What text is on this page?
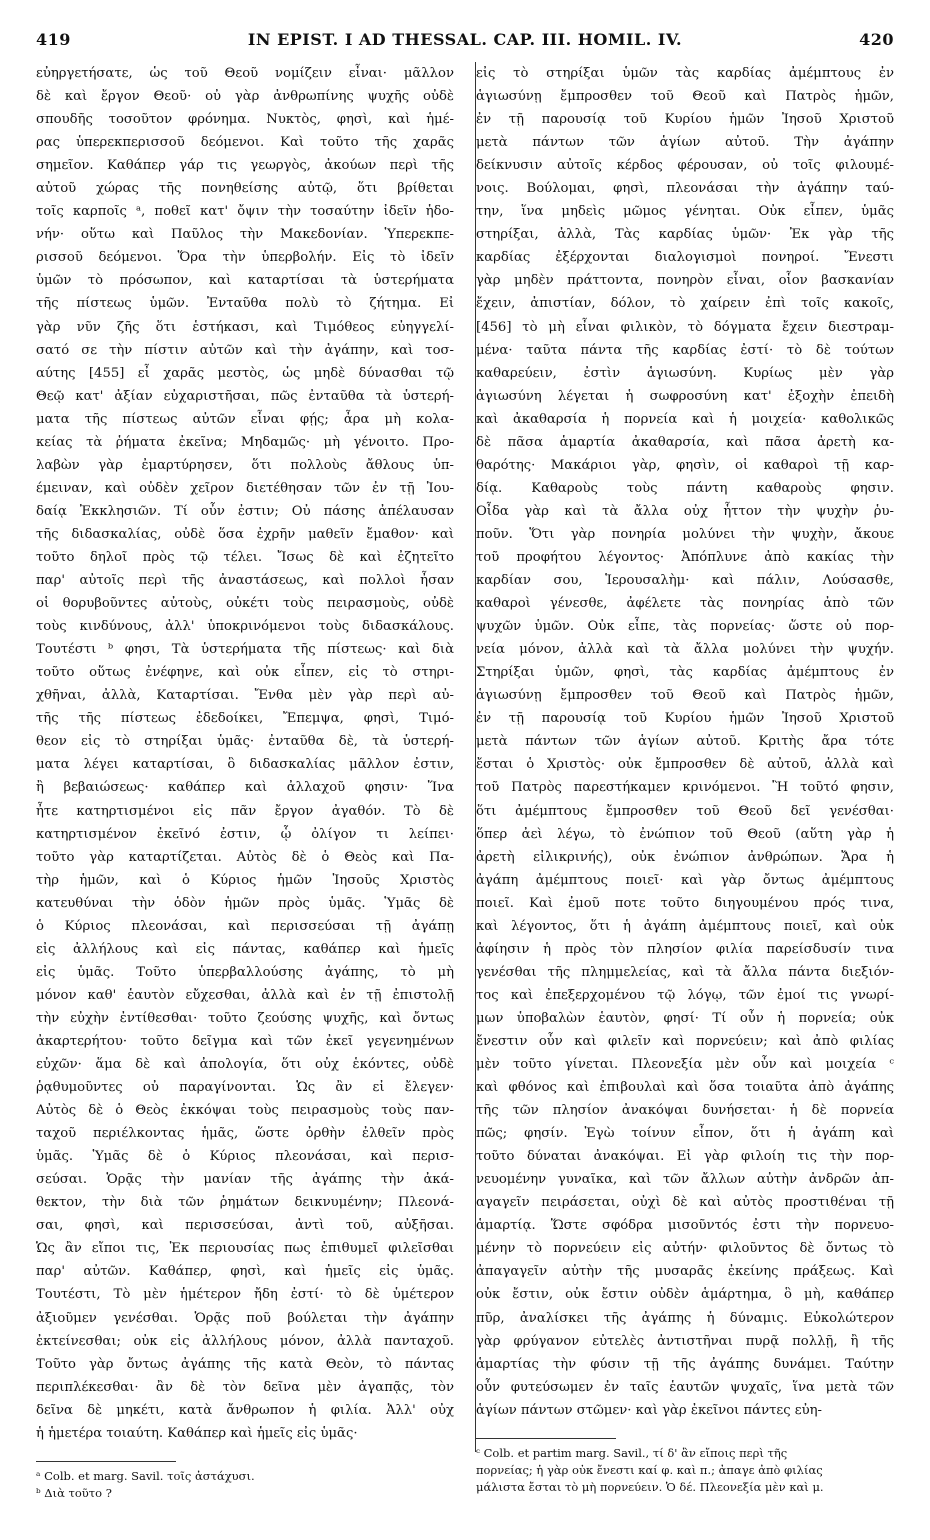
419	IN EPIST. I AD THESSAL. CAP. III. HOMIL. IV.	420
εὐηργετήσατε, ὡς τοῦ Θεοῦ νομίζειν εἶναι· μᾶλλον
δὲ καὶ ἔργον Θεοῦ· οὐ γὰρ ἀνθρωπίνης ψυχῆς οὐδὲ
σπουδῆς τοσοῦτον φρόνημα. Νυκτὸς, φησὶ, καὶ ἡμέ-
ρας ὑπερεκπερισσοῦ δεόμενοι. Καὶ τοῦτο τῆς χαρᾶς
σημεῖον. Καθάπερ γάρ τις γεωργὸς, ἀκούων περὶ τῆς
αὐτοῦ χώρας τῆς πονηθείσης αὐτῷ, ὅτι βρίθεται
τοῖς καρποῖς ᵃ, ποθεῖ κατ' ὄψιν τὴν τοσαύτην ἰδεῖν ἡδο-
νήν· οὕτω καὶ Παῦλος τὴν Μακεδονίαν. Ὑπερεκπε-
ρισσοῦ δεόμενοι. Ὅρα τὴν ὑπερβολήν. Εἰς τὸ ἰδεῖν
ὑμῶν τὸ πρόσωπον, καὶ καταρτίσαι τὰ ὑστερήματα
τῆς πίστεως ὑμῶν. Ἐνταῦθα πολὺ τὸ ζήτημα. Εἰ
γὰρ νῦν ζῆς ὅτι ἑστήκασι, καὶ Τιμόθεος εὐηγγελί-
σατό σε τὴν πίστιν αὐτῶν καὶ τὴν ἀγάπην, καὶ τοσ-
αύτης [455] εἶ χαρᾶς μεστὸς, ὡς μηδὲ δύνασθαι τῷ
Θεῷ κατ' ἀξίαν εὐχαριστῆσαι, πῶς ἐνταῦθα τὰ ὑστερή-
ματα τῆς πίστεως αὐτῶν εἶναι φῄς; ἆρα μὴ κολα-
κείας τὰ ῥήματα ἐκεῖνα; Μηδαμῶς· μὴ γένοιτο. Προ-
λαβὼν γὰρ ἐμαρτύρησεν, ὅτι πολλοὺς ἄθλους ὑπ-
έμειναν, καὶ οὐδὲν χεῖρον διετέθησαν τῶν ἐν τῇ Ἰου-
δαίᾳ Ἐκκλησιῶν. Τί οὖν ἐστιν; Οὐ πάσης ἀπέλαυσαν
τῆς διδασκαλίας, οὐδὲ ὅσα ἐχρῆν μαθεῖν ἔμαθον· καὶ
τοῦτο δηλοῖ πρὸς τῷ τέλει. Ἴσως δὲ καὶ ἐζητεῖτο
παρ' αὐτοῖς περὶ τῆς ἀναστάσεως, καὶ πολλοὶ ἦσαν
οἱ θορυβοῦντες αὐτοὺς, οὐκέτι τοὺς πειρασμοὺς, οὐδὲ
τοὺς κινδύνους, ἀλλ' ὑποκρινόμενοι τοὺς διδασκάλους.
Τουτέστι ᵇ φησι, Τὰ ὑστερήματα τῆς πίστεως· καὶ διὰ
τοῦτο οὕτως ἐνέφηνε, καὶ οὐκ εἶπεν, εἰς τὸ στηρι-
χθῆναι, ἀλλὰ, Καταρτίσαι. Ἔνθα μὲν γὰρ περὶ αὐ-
τῆς τῆς πίστεως ἐδεδοίκει, Ἔπεμψα, φησὶ, Τιμό-
θεον εἰς τὸ στηρίξαι ὑμᾶς· ἐνταῦθα δὲ, τὰ ὑστερή-
ματα λέγει καταρτίσαι, ὃ διδασκαλίας μᾶλλον ἐστιν,
ἢ βεβαιώσεως· καθάπερ καὶ ἀλλαχοῦ φησιν· Ἵνα
ἦτε κατηρτισμένοι εἰς πᾶν ἔργον ἀγαθόν. Τὸ δὲ
κατηρτισμένον ἐκεῖνό ἐστιν, ᾧ ὀλίγον τι λείπει·
τοῦτο γὰρ καταρτίζεται. Αὐτὸς δὲ ὁ Θεὸς καὶ Πα-
τὴρ ἡμῶν, καὶ ὁ Κύριος ἡμῶν Ἰησοῦς Χριστὸς
κατευθύναι τὴν ὁδὸν ἡμῶν πρὸς ὑμᾶς. Ὑμᾶς δὲ
ὁ Κύριος πλεονάσαι, καὶ περισσεύσαι τῇ ἀγάπῃ
εἰς ἀλλήλους καὶ εἰς πάντας, καθάπερ καὶ ἡμεῖς
εἰς ὑμᾶς. Τοῦτο ὑπερβαλλούσης ἀγάπης, τὸ μὴ
μόνον καθ' ἑαυτὸν εὔχεσθαι, ἀλλὰ καὶ ἐν τῇ ἐπιστολῇ
τὴν εὐχὴν ἐντίθεσθαι· τοῦτο ζεούσης ψυχῆς, καὶ ὄντως
ἀκαρτερήτου· τοῦτο δεῖγμα καὶ τῶν ἐκεῖ γεγενημένων
εὐχῶν· ἅμα δὲ καὶ ἀπολογία, ὅτι οὐχ ἑκόντες, οὐδὲ
ῥᾳθυμοῦντες οὐ παραγίνονται. Ὡς ἂν εἰ ἔλεγεν·
Αὐτὸς δὲ ὁ Θεὸς ἐκκόψαι τοὺς πειρασμοὺς τοὺς παν-
ταχοῦ περιέλκοντας ἡμᾶς, ὥστε ὀρθὴν ἐλθεῖν πρὸς
ὑμᾶς. Ὑμᾶς δὲ ὁ Κύριος πλεονάσαι, καὶ περισ-
σεύσαι. Ὁρᾷς τὴν μανίαν τῆς ἀγάπης τὴν ἀκά-
θεκτον, τὴν διὰ τῶν ῥημάτων δεικνυμένην; Πλεονά-
σαι, φησὶ, καὶ περισσεύσαι, ἀντὶ τοῦ, αὐξῆσαι.
Ὡς ἂν εἴποι τις, Ἐκ περιουσίας πως ἐπιθυμεῖ φιλεῖσθαι
παρ' αὐτῶν. Καθάπερ, φησὶ, καὶ ἡμεῖς εἰς ὑμᾶς.
Τουτέστι, Τὸ μὲν ἡμέτερον ἤδη ἐστί· τὸ δὲ ὑμέτερον
ἀξιοῦμεν γενέσθαι. Ὁρᾷς ποῦ βούλεται τὴν ἀγάπην
ἐκτείνεσθαι; οὐκ εἰς ἀλλήλους μόνον, ἀλλὰ πανταχοῦ.
Τοῦτο γὰρ ὄντως ἀγάπης τῆς κατὰ Θεὸν, τὸ πάντας
περιπλέκεσθαι· ἂν δὲ τὸν δεῖνα μὲν ἀγαπᾷς, τὸν
δεῖνα δὲ μηκέτι, κατὰ ἄνθρωπον ἡ φιλία. Ἀλλ' οὐχ
ἡ ἡμετέρα τοιαύτη. Καθάπερ καὶ ἡμεῖς εἰς ὑμᾶς·
ᵃ Colb. et marg. Savil. τοῖς ἀστάχυσι.
ᵇ Διὰ τοῦτο ?
εἰς τὸ στηρίξαι ὑμῶν τὰς καρδίας ἀμέμπτους ἐν
ἁγιωσύνῃ ἔμπροσθεν τοῦ Θεοῦ καὶ Πατρὸς ἡμῶν,
ἐν τῇ παρουσίᾳ τοῦ Κυρίου ἡμῶν Ἰησοῦ Χριστοῦ
μετὰ πάντων τῶν ἁγίων αὐτοῦ. Τὴν ἀγάπην
δείκνυσιν αὐτοῖς κέρδος φέρουσαν, οὐ τοῖς φιλουμέ-
νοις. Βούλομαι, φησὶ, πλεονάσαι τὴν ἀγάπην ταύ-
την, ἵνα μηδεὶς μῶμος γένηται. Οὐκ εἶπεν, ὑμᾶς
στηρίξαι, ἀλλὰ, Τὰς καρδίας ὑμῶν· Ἐκ γὰρ τῆς
καρδίας ἐξέρχονται διαλογισμοὶ πονηροί. Ἔνεστι
γὰρ μηδὲν πράττοντα, πονηρὸν εἶναι, οἷον βασκανίαν
ἔχειν, ἀπιστίαν, δόλον, τὸ χαίρειν ἐπὶ τοῖς κακοῖς,
[456] τὸ μὴ εἶναι φιλικὸν, τὸ δόγματα ἔχειν διεστραμ-
μένα· ταῦτα πάντα τῆς καρδίας ἐστί· τὸ δὲ τούτων
καθαρεύειν, ἐστὶν ἁγιωσύνη. Κυρίως μὲν γὰρ
ἁγιωσύνη λέγεται ἡ σωφροσύνη κατ' ἐξοχὴν ἐπειδὴ
καὶ ἀκαθαρσία ἡ πορνεία καὶ ἡ μοιχεία· καθολικῶς
δὲ πᾶσα ἁμαρτία ἀκαθαρσία, καὶ πᾶσα ἀρετὴ κα-
θαρότης· Μακάριοι γὰρ, φησὶν, οἱ καθαροὶ τῇ καρ-
δίᾳ. Καθαροὺς τοὺς πάντη καθαροὺς φησιν.
Οἶδα γὰρ καὶ τὰ ἄλλα οὐχ ἧττον τὴν ψυχὴν ῥυ-
ποῦν. Ὅτι γὰρ πονηρία μολύνει τὴν ψυχὴν, ἄκουε
τοῦ προφήτου λέγοντος· Ἀπόπλυνε ἀπὸ κακίας τὴν
καρδίαν σου, Ἱερουσαλὴμ· καὶ πάλιν, Λούσασθε,
καθαροὶ γένεσθε, ἀφέλετε τὰς πονηρίας ἀπὸ τῶν
ψυχῶν ὑμῶν. Οὐκ εἶπε, τὰς πορνείας· ὥστε οὐ πορ-
νεία μόνον, ἀλλὰ καὶ τὰ ἄλλα μολύνει τὴν ψυχήν.
Στηρίξαι ὑμῶν, φησὶ, τὰς καρδίας ἀμέμπτους ἐν
ἁγιωσύνῃ ἔμπροσθεν τοῦ Θεοῦ καὶ Πατρὸς ἡμῶν,
ἐν τῇ παρουσίᾳ τοῦ Κυρίου ἡμῶν Ἰησοῦ Χριστοῦ
μετὰ πάντων τῶν ἁγίων αὐτοῦ. Κριτὴς ἄρα τότε
ἔσται ὁ Χριστὸς· οὐκ ἔμπροσθεν δὲ αὐτοῦ, ἀλλὰ καὶ
τοῦ Πατρὸς παρεστήκαμεν κρινόμενοι. Ἢ τοῦτό φησιν,
ὅτι ἀμέμπτους ἔμπροσθεν τοῦ Θεοῦ δεῖ γενέσθαι·
ὅπερ ἀεὶ λέγω, τὸ ἐνώπιον τοῦ Θεοῦ (αὕτη γὰρ ἡ
ἀρετὴ εἰλικρινής), οὐκ ἐνώπιον ἀνθρώπων. Ἄρα ἡ
ἀγάπη ἀμέμπτους ποιεῖ· καὶ γὰρ ὄντως ἀμέμπτους
ποιεῖ. Καὶ ἐμοῦ ποτε τοῦτο διηγουμένου πρός τινα,
καὶ λέγοντος, ὅτι ἡ ἀγάπη ἀμέμπτους ποιεῖ, καὶ οὐκ
ἀφίησιν ἡ πρὸς τὸν πλησίον φιλία παρείσδυσίν τινα
γενέσθαι τῆς πλημμελείας, καὶ τὰ ἄλλα πάντα διεξιόν-
τος καὶ ἐπεξερχομένου τῷ λόγῳ, τῶν ἐμοί τις γνωρί-
μων ὑποβαλὼν ἑαυτὸν, φησί· Τί οὖν ἡ πορνεία; οὐκ
ἔνεστιν οὖν καὶ φιλεῖν καὶ πορνεύειν; καὶ ἀπὸ φιλίας
μὲν τοῦτο γίνεται. Πλεονεξία μὲν οὖν καὶ μοιχεία ᶜ
καὶ φθόνος καὶ ἐπιβουλαὶ καὶ ὅσα τοιαῦτα ἀπὸ ἀγάπης
τῆς τῶν πλησίον ἀνακόψαι δυνήσεται· ἡ δὲ πορνεία
πῶς; φησίν. Ἐγὼ τοίνυν εἶπον, ὅτι ἡ ἀγάπη καὶ
τοῦτο δύναται ἀνακόψαι. Εἰ γὰρ φιλοίη τις τὴν πορ-
νευομένην γυναῖκα, καὶ τῶν ἄλλων αὐτὴν ἀνδρῶν ἀπ-
αγαγεῖν πειράσεται, οὐχὶ δὲ καὶ αὐτὸς προστιθέναι τῇ
ἁμαρτίᾳ. Ὥστε σφόδρα μισοῦντός ἐστι τὴν πορνευο-
μένην τὸ πορνεύειν εἰς αὐτήν· φιλοῦντος δὲ ὄντως τὸ
ἀπαγαγεῖν αὐτὴν τῆς μυσαρᾶς ἐκείνης πράξεως. Καὶ
οὐκ ἔστιν, οὐκ ἔστιν οὐδὲν ἁμάρτημα, ὃ μὴ, καθάπερ
πῦρ, ἀναλίσκει τῆς ἀγάπης ἡ δύναμις. Εὐκολώτερον
γὰρ φρύγανον εὐτελὲς ἀντιστῆναι πυρᾷ πολλῇ, ἢ τῆς
ἁμαρτίας τὴν φύσιν τῇ τῆς ἀγάπης δυνάμει. Ταύτην
οὖν φυτεύσωμεν ἐν ταῖς ἑαυτῶν ψυχαῖς, ἵνα μετὰ τῶν
ἁγίων πάντων στῶμεν· καὶ γὰρ ἐκεῖνοι πάντες εὐη-
ᶜ Colb. et partim marg. Savil., τί δ' ἂν εἴποις περὶ τῆς
πορνείας; ἡ γὰρ οὐκ ἔνεστι καί φ. καὶ π.; ἀπαγε ἀπὸ φιλίας
μάλιστα ἔσται τὸ μὴ πορνεύειν. Ὁ δέ. Πλεονεξία μὲν καὶ μ.
